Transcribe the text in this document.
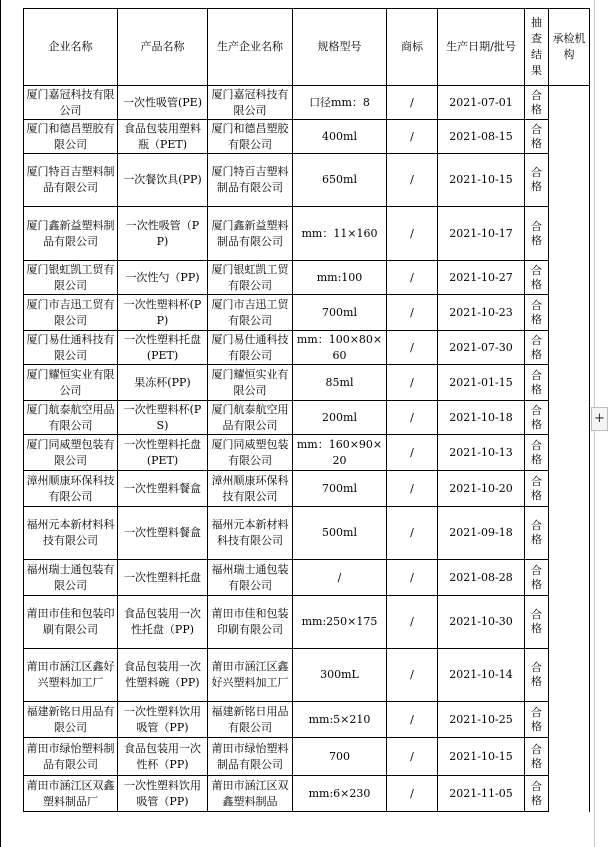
企业名称	产品名称	生产企业名称	规格型号	商标	生产日期/批号	抽查结果	承检机构
厦门嘉冠科技有限公司	一次性吸管(PE)	厦门嘉冠科技有限公司	口径mm：8	/	2021-07-01	合格	
厦门和德昌塑胶有限公司	食品包装用塑料瓶（PET)	厦门和德昌塑胶有限公司	400ml	/	2021-08-15	合格	
厦门特百吉塑料制品有限公司	一次餐饮具(PP)	厦门特百吉塑料制品有限公司	650ml	/	2021-10-15	合格	
厦门鑫新益塑料制品有限公司	一次性吸管（PP)	厦门鑫新益塑料制品有限公司	mm：11×160	/	2021-10-17	合格	
厦门银虹凯工贸有限公司	一次性勺（PP)	厦门银虹凯工贸有限公司	mm:100	/	2021-10-27	合格	
厦门市吉迅工贸有限公司	一次性塑料杯(PP)	厦门市吉迅工贸有限公司	700ml	/	2021-10-23	合格	
厦门易仕通科技有限公司	一次性塑料托盘(PET)	厦门易仕通科技有限公司	mm：100×80×60	/	2021-07-30	合格	
厦门耀恒实业有限公司	果冻杯(PP)	厦门耀恒实业有限公司	85ml	/	2021-01-15	合格	
厦门航泰航空用品有限公司	一次性塑料杯(PS)	厦门航泰航空用品有限公司	200ml	/	2021-10-18	合格	
厦门同威塑包装有限公司	一次性塑料托盘(PET)	厦门同威塑包装有限公司	mm：160×90×20	/	2021-10-13	合格	
漳州顺康环保科技有限公司	一次性塑料餐盒	漳州顺康环保科技有限公司	700ml	/	2021-10-20	合格	
福州元本新材料科技有限公司	一次性塑料餐盒	福州元本新材料科技有限公司	500ml	/	2021-09-18	合格	
福州瑞士通包装有限公司	一次性塑料托盘	福州瑞士通包装有限公司	/	/	2021-08-28	合格	
莆田市佳和包装印刷有限公司	食品包装用一次性托盘（PP)	莆田市佳和包装印刷有限公司	mm:250×175	/	2021-10-30	合格	
莆田市涵江区鑫好兴塑料加工厂	食品包装用一次性塑料碗（PP)	莆田市涵江区鑫好兴塑料加工厂	300mL	/	2021-10-14	合格	
福建新铭日用品有限公司	一次性塑料饮用吸管（PP)	福建新铭日用品有限公司	mm:5×210	/	2021-10-25	合格	
莆田市绿怡塑料制品有限公司	食品包装用一次性杯（PP)	莆田市绿怡塑料制品有限公司	700	/	2021-10-15	合格	
莆田市涵江区双鑫塑料制品厂	一次性塑料饮用吸管（PP)	莆田市涵江区双鑫塑料制品	mm:6×230	/	2021-11-05	合格	
+
